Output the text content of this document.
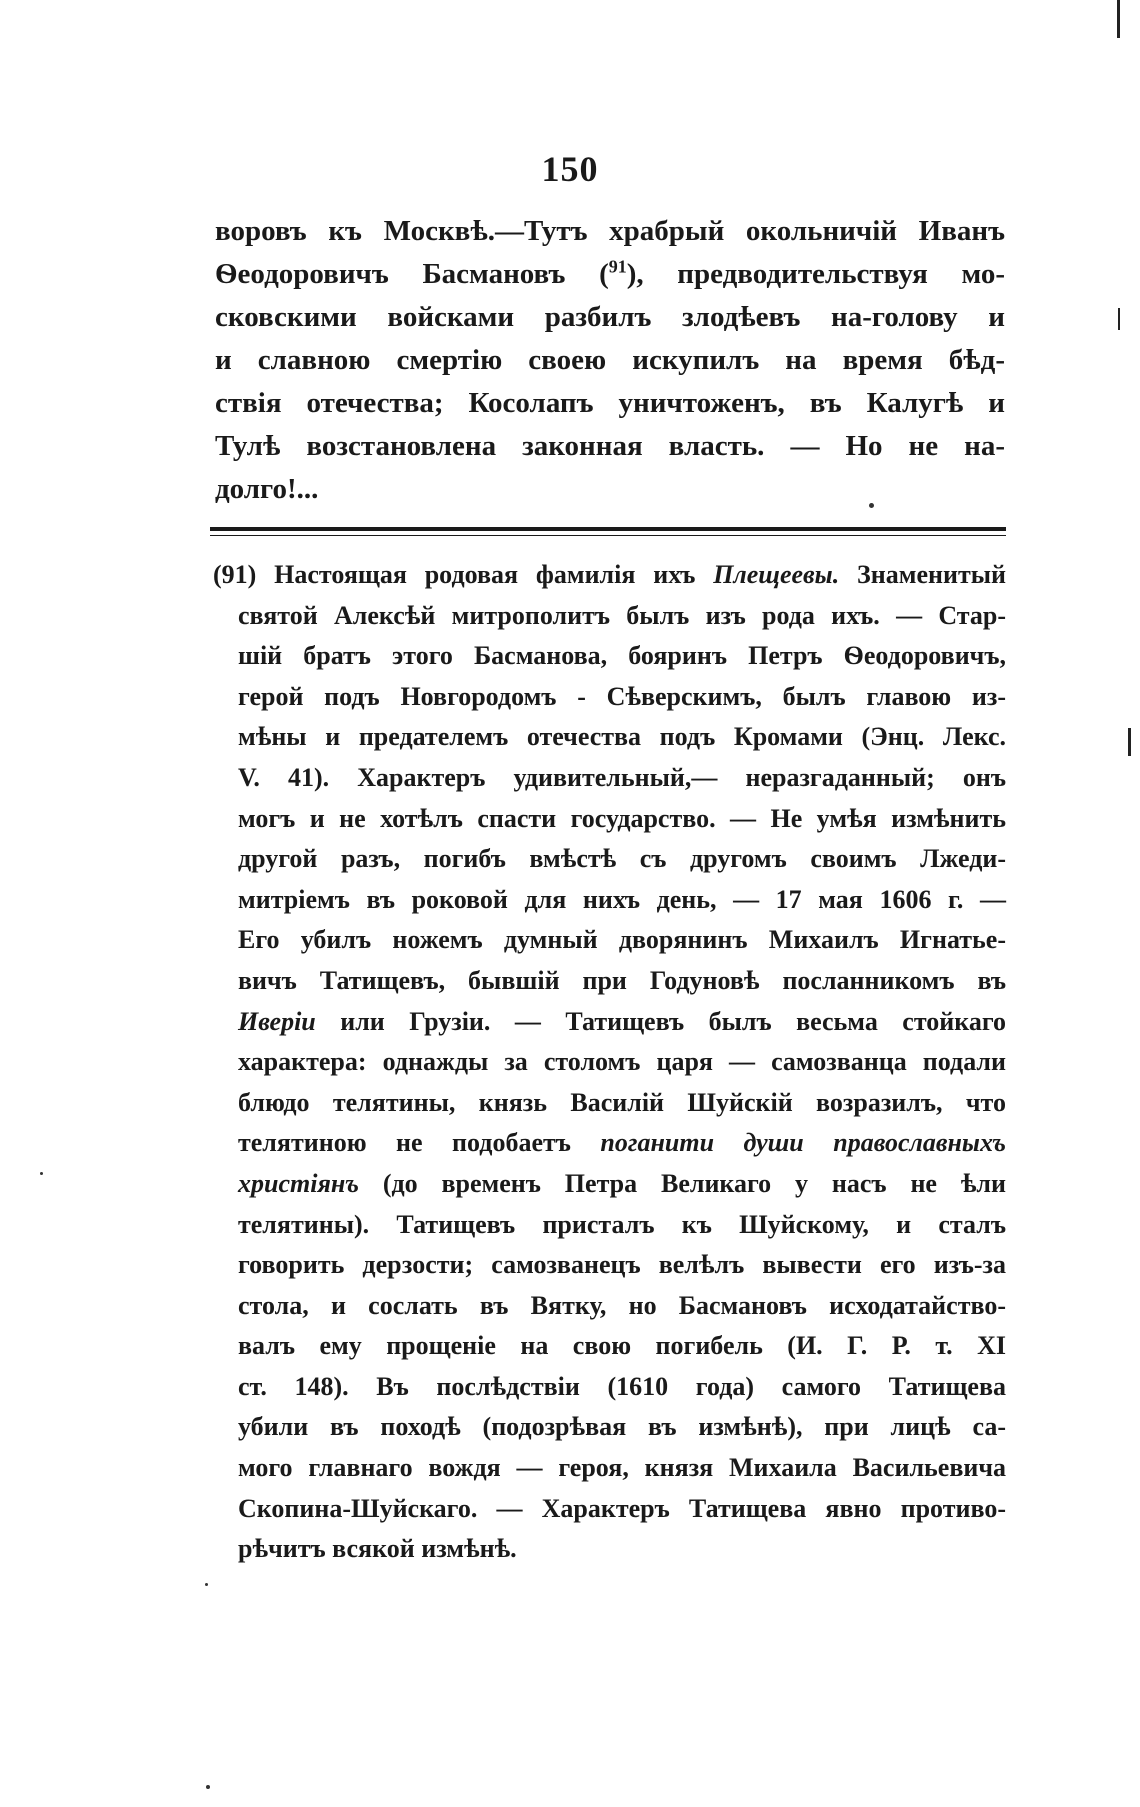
150
воровъ къ Москвѣ.—Тутъ храбрый окольничій Иванъ
Ѳеодоровичъ Басмановъ ($^{91}$), предводительствуя мо-
сковскими войсками разбилъ злодѣевъ на-голову и
и славною смертію своею искупилъ на время бѣд-
ствія отечества; Косолапъ уничтоженъ, въ Калугѣ и
Тулѣ возстановлена законная власть. — Но не на-
долго!...
(91) Настоящая родовая фамилія ихъ Плещеевы. Знаменитый
святой Алексѣй митрополитъ былъ изъ рода ихъ. — Стар-
шій братъ этого Басманова, бояринъ Петръ Ѳеодоровичъ,
герой подъ Новгородомъ - Сѣверскимъ, былъ главою из-
мѣны и предателемъ отечества подъ Кромами (Энц. Лекс.
V. 41). Характеръ удивительный,— неразгаданный; онъ
могъ и не хотѣлъ спасти государство. — Не умѣя измѣнить
другой разъ, погибъ вмѣстѣ съ другомъ своимъ Лжеди-
митріемъ въ роковой для нихъ день, — 17 мая 1606 г. —
Его убилъ ножемъ думный дворянинъ Михаилъ Игнатье-
вичъ Татищевъ, бывшій при Годуновѣ посланникомъ въ
Иверіи или Грузіи. — Татищевъ былъ весьма стойкаго
характера: однажды за столомъ царя — самозванца подали
блюдо телятины, князь Василій Шуйскій возразилъ, что
телятиною не подобаетъ поганити души православныхъ
христіянъ (до временъ Петра Великаго у насъ не ѣли
телятины). Татищевъ присталъ къ Шуйскому, и сталъ
говорить дерзости; самозванецъ велѣлъ вывести его изъ-за
стола, и сослать въ Вятку, но Басмановъ исходатайство-
валъ ему прощеніе на свою погибель (И. Г. Р. т. XI
ст. 148). Въ послѣдствіи (1610 года) самого Татищева
убили въ походѣ (подозрѣвая въ измѣнѣ), при лицѣ са-
мого главнаго вождя — героя, князя Михаила Васильевича
Скопина-Шуйскаго. — Характеръ Татищева явно противо-
рѣчитъ всякой измѣнѣ.
